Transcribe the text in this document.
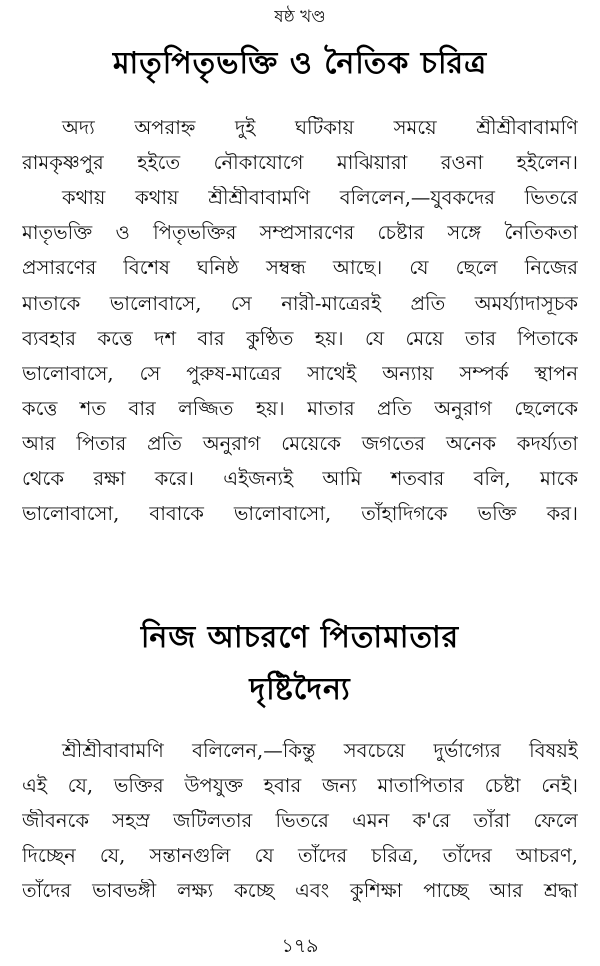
ষষ্ঠ খণ্ড
মাতৃপিতৃভক্তি ও নৈতিক চরিত্র
অদ্য অপরাহ্ন দুই ঘটিকায় সময়ে শ্রীশ্রীবাবামণি
রামকৃষ্ণপুর হইতে নৌকাযোগে মাঝিয়ারা রওনা হইলেন।
কথায় কথায় শ্রীশ্রীবাবামণি বলিলেন,—যুবকদের ভিতরে
মাতৃভক্তি ও পিতৃভক্তির সম্প্রসারণের চেষ্টার সঙ্গে নৈতিকতা
প্রসারণের বিশেষ ঘনিষ্ঠ সম্বন্ধ আছে। যে ছেলে নিজের
মাতাকে ভালোবাসে, সে নারী-মাত্রেরই প্রতি অমর্য্যাদাসূচক
ব্যবহার কত্তে দশ বার কুণ্ঠিত হয়। যে মেয়ে তার পিতাকে
ভালোবাসে, সে পুরুষ-মাত্রের সাথেই অন্যায় সম্পর্ক স্থাপন
কত্তে শত বার লজ্জিত হয়। মাতার প্রতি অনুরাগ ছেলেকে
আর পিতার প্রতি অনুরাগ মেয়েকে জগতের অনেক কদর্য্যতা
থেকে রক্ষা করে। এইজন্যই আমি শতবার বলি, মাকে
ভালোবাসো, বাবাকে ভালোবাসো, তাঁহাদিগকে ভক্তি কর।
নিজ আচরণে পিতামাতার
দৃষ্টিদৈন্য
শ্রীশ্রীবাবামণি বলিলেন,—কিন্তু সবচেয়ে দুর্ভাগ্যের বিষয়ই
এই যে, ভক্তির উপযুক্ত হবার জন্য মাতাপিতার চেষ্টা নেই।
জীবনকে সহস্র জটিলতার ভিতরে এমন ক'রে তাঁরা ফেলে
দিচ্ছেন যে, সন্তানগুলি যে তাঁদের চরিত্র, তাঁদের আচরণ,
তাঁদের ভাবভঙ্গী লক্ষ্য কচ্ছে এবং কুশিক্ষা পাচ্ছে আর শ্রদ্ধা
১৭৯
